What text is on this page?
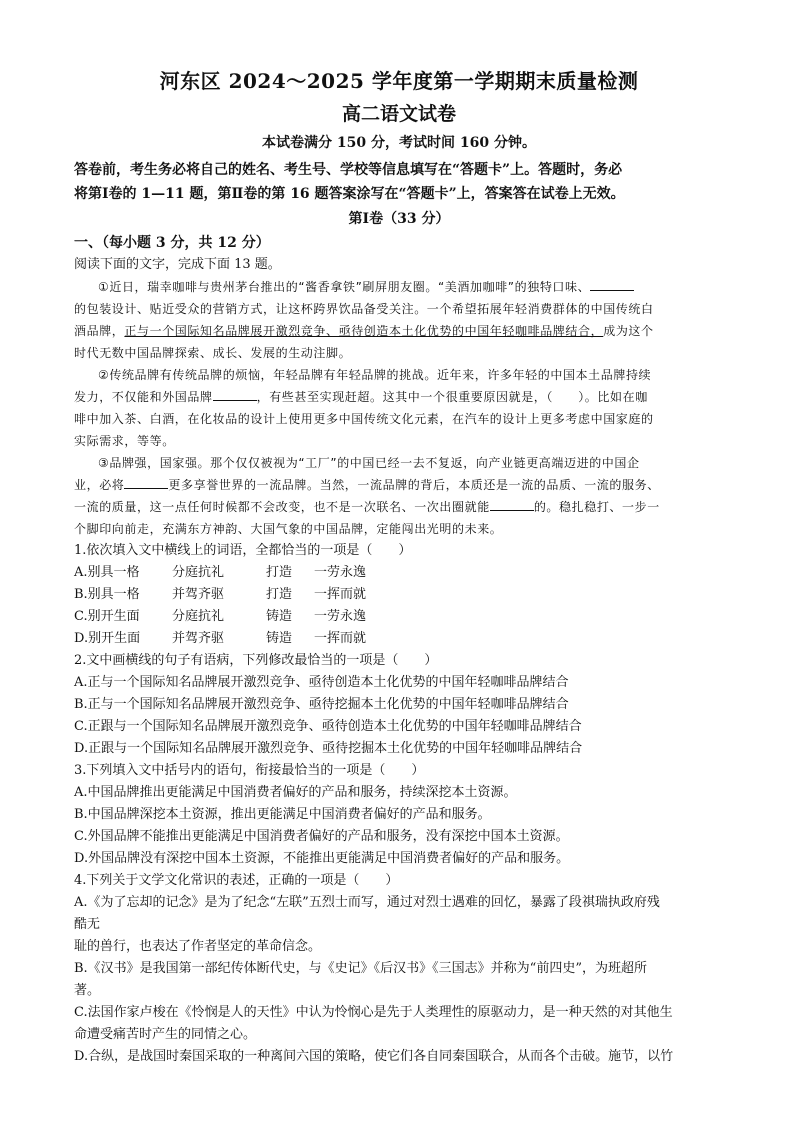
河东区 2024～2025 学年度第一学期期末质量检测
高二语文试卷
本试卷满分 150 分，考试时间 160 分钟。

答卷前，考生务必将自己的姓名、考生号、学校等信息填写在“答题卡”上。答题时，务必

将第Ⅰ卷的 1—11 题，第Ⅱ卷的第 16 题答案涂写在“答题卡”上，答案答在试卷上无效。

第Ⅰ卷（33 分）
一、（每小题 3 分，共 12 分）

阅读下面的文字，完成下面 13 题。

①近日，瑞幸咖啡与贵州茅台推出的“酱香拿铁”刷屏朋友圈。“美酒加咖啡”的独特口味、

的包装设计、贴近受众的营销方式，让这杯跨界饮品备受关注。一个希望拓展年轻消费群体的中国传统白

酒品牌，正与一个国际知名品牌展开激烈竞争、亟待创造本土化优势的中国年轻咖啡品牌结合，成为这个

时代无数中国品牌探索、成长、发展的生动注脚。

②传统品牌有传统品牌的烦恼，年轻品牌有年轻品牌的挑战。近年来，许多年轻的中国本土品牌持续

发力，不仅能和外国品牌	，有些甚至实现赶超。这其中一个很重要原因就是，（　　）。比如在咖

啡中加入茶、白酒，在化妆品的设计上使用更多中国传统文化元素，在汽车的设计上更多考虑中国家庭的

实际需求，等等。

③品牌强，国家强。那个仅仅被视为“工厂”的中国已经一去不复返，向产业链更高端迈进的中国企

业，必将	更多享誉世界的一流品牌。当然，一流品牌的背后，本质还是一流的品质、一流的服务、

一流的质量，这一点任何时候都不会改变，也不是一次联名、一次出圈就能	的。稳扎稳打、一步一

个脚印向前走，充满东方神韵、大国气象的中国品牌，定能闯出光明的未来。

1.依次填入文中横线上的词语，全都恰当的一项是（　　）

A.别具一格	分庭抗礼	打造	一劳永逸
B.别具一格	并驾齐驱	打造	一挥而就
C.别开生面	分庭抗礼	铸造	一劳永逸
D.别开生面	并驾齐驱	铸造	一挥而就

2.文中画横线的句子有语病，下列修改最恰当的一项是（　　）

A.正与一个国际知名品牌展开激烈竞争、亟待创造本土化优势的中国年轻咖啡品牌结合

B.正与一个国际知名品牌展开激烈竞争、亟待挖掘本土化优势的中国年轻咖啡品牌结合

C.正跟与一个国际知名品牌展开激烈竞争、亟待创造本土化优势的中国年轻咖啡品牌结合

D.正跟与一个国际知名品牌展开激烈竞争、亟待挖掘本土化优势的中国年轻咖啡品牌结合

3.下列填入文中括号内的语句，衔接最恰当的一项是（　　）

A.中国品牌推出更能满足中国消费者偏好的产品和服务，持续深挖本土资源。

B.中国品牌深挖本土资源，推出更能满足中国消费者偏好的产品和服务。

C.外国品牌不能推出更能满足中国消费者偏好的产品和服务，没有深挖中国本土资源。

D.外国品牌没有深挖中国本土资源，不能推出更能满足中国消费者偏好的产品和服务。

4.下列关于文学文化常识的表述，正确的一项是（　　）

A.《为了忘却的记念》是为了纪念“左联”五烈士而写，通过对烈士遇难的回忆，暴露了段祺瑞执政府残

酷无

耻的兽行，也表达了作者坚定的革命信念。

B.《汉书》是我国第一部纪传体断代史，与《史记》《后汉书》《三国志》并称为“前四史”，为班超所

著。

C.法国作家卢梭在《怜悯是人的天性》中认为怜悯心是先于人类理性的原驱动力，是一种天然的对其他生

命遭受痛苦时产生的同情之心。

D.合纵，是战国时秦国采取的一种离间六国的策略，使它们各自同秦国联合，从而各个击破。施节，以竹
